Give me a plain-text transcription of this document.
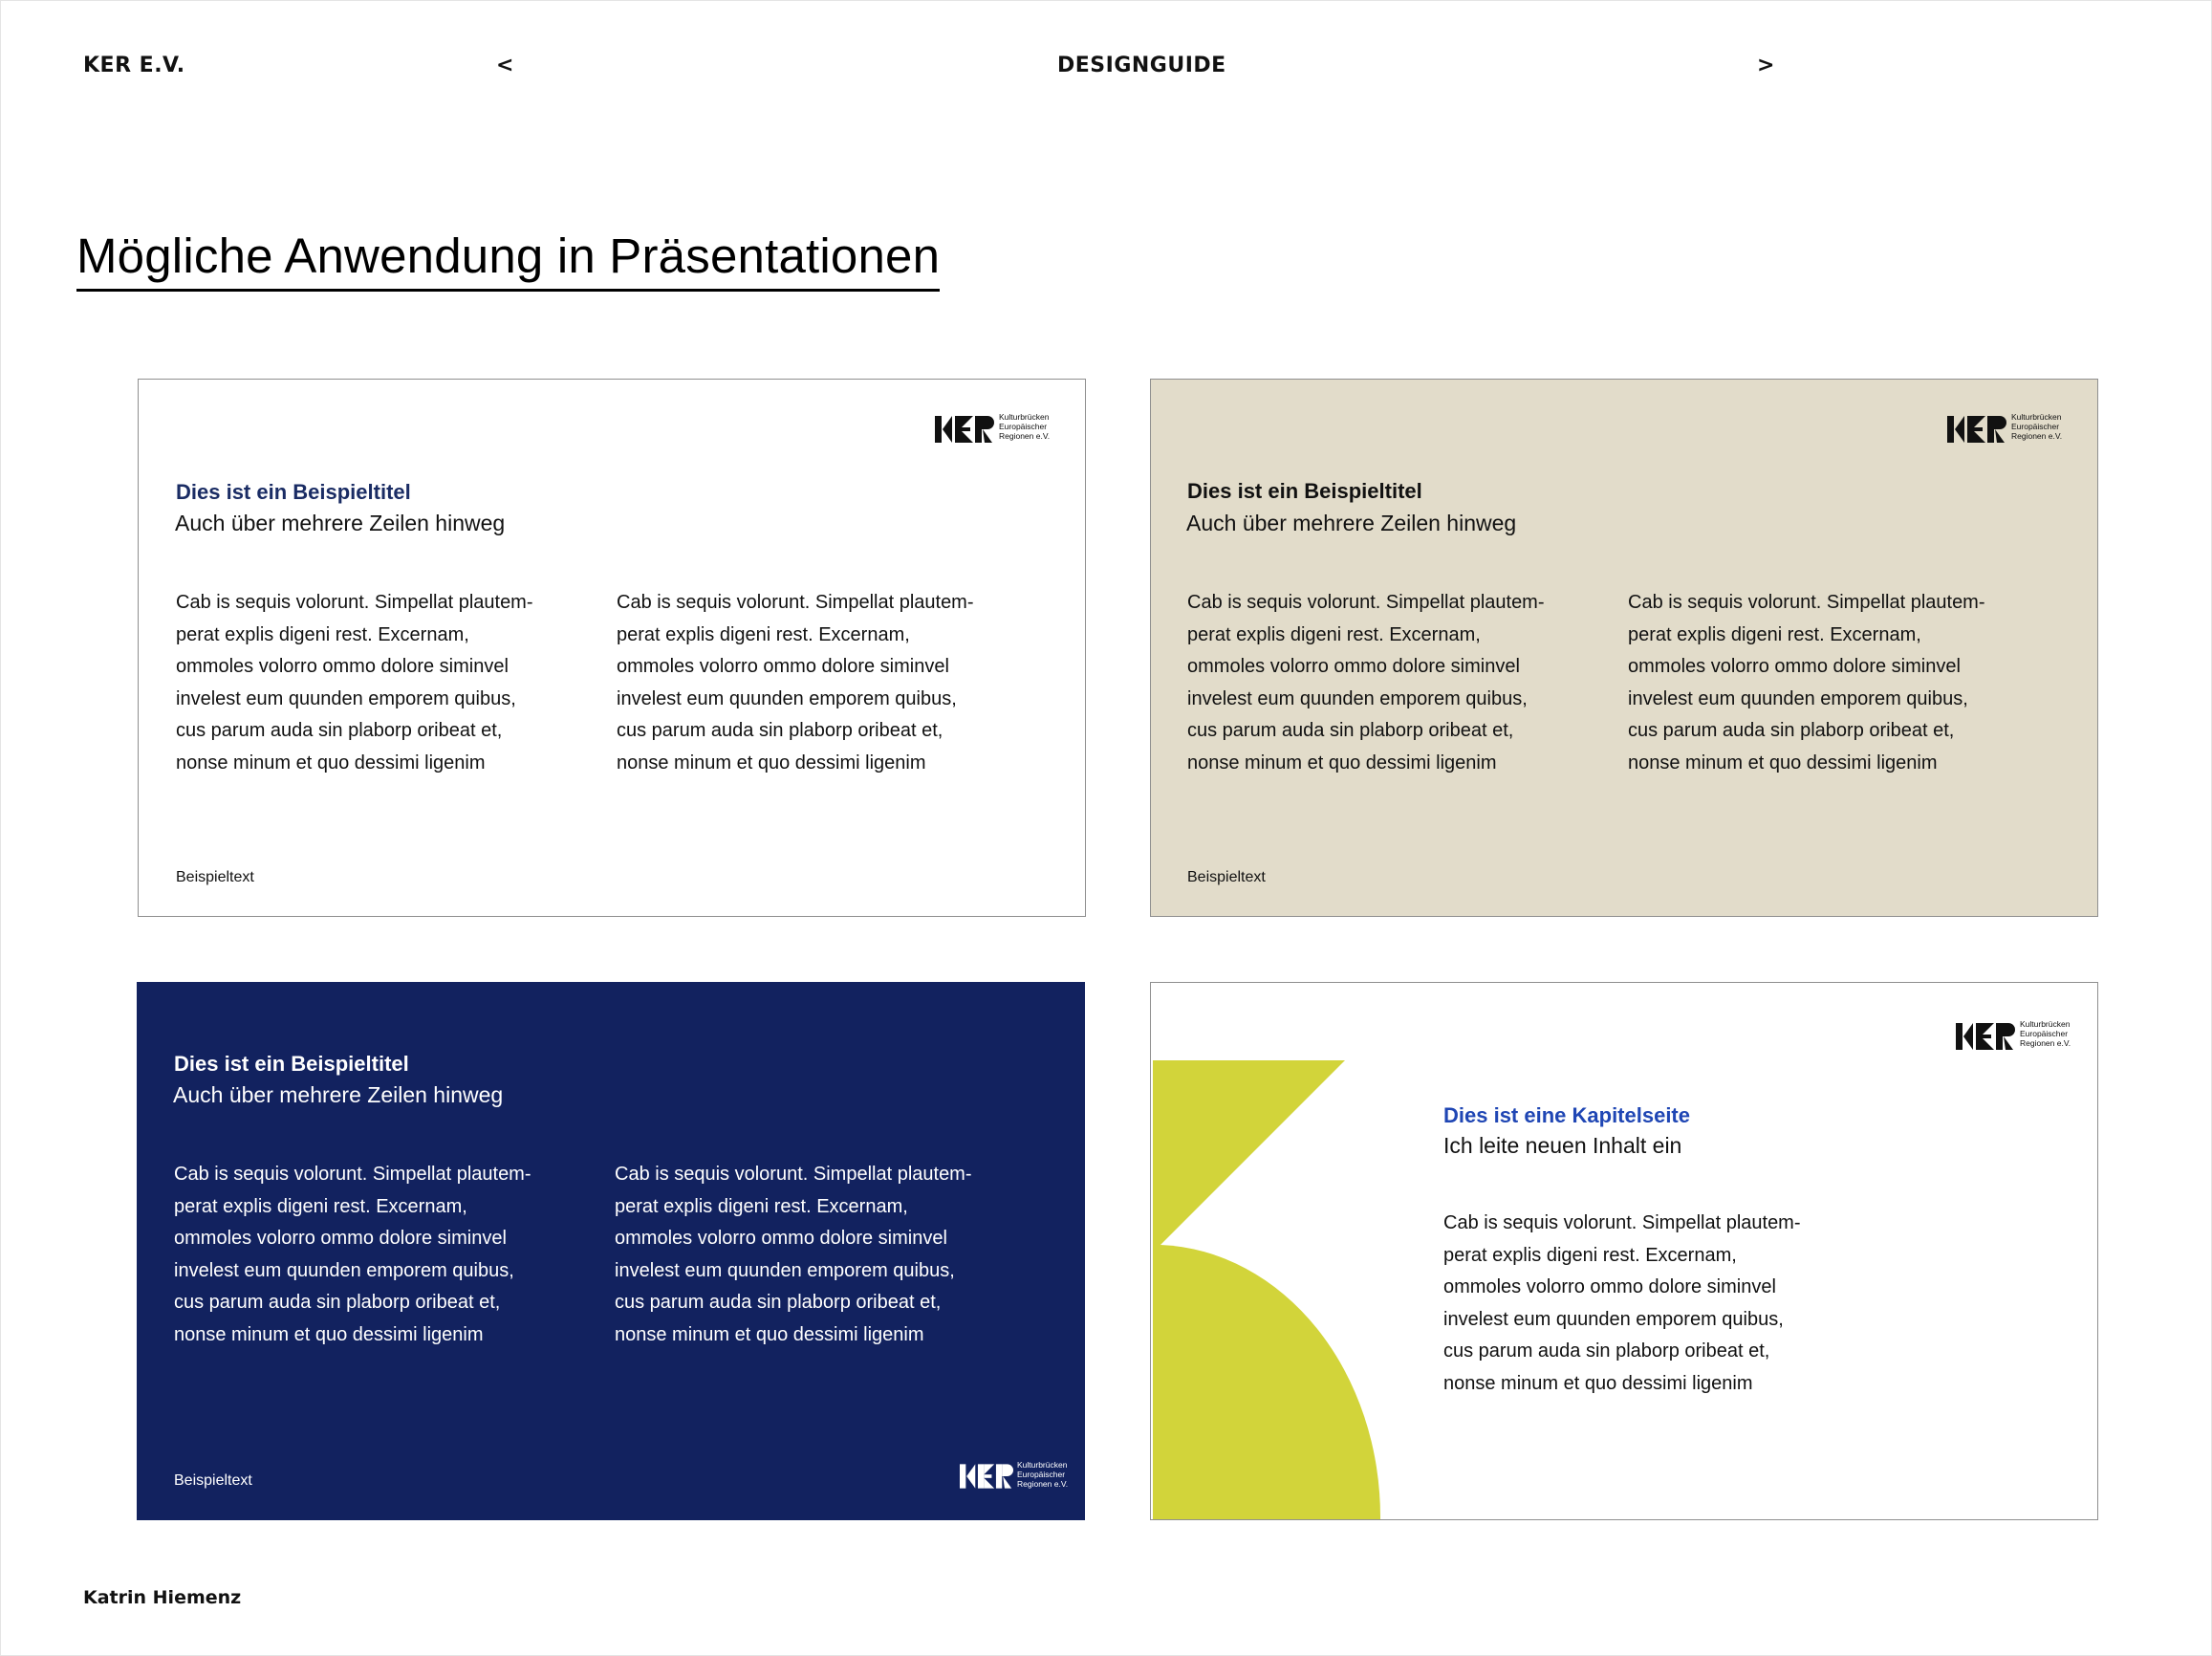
KER E.V.	<	DESIGNGUIDE	>
Mögliche Anwendung in Präsentationen
Kulturbrücken
Europäischer
Regionen e.V.
Dies ist ein Beispieltitel
Auch über mehrere Zeilen hinweg
Cab is sequis volorunt. Simpellat plautem-
perat explis digeni rest. Excernam,
ommoles volorro ommo dolore siminvel
invelest eum quunden emporem quibus,
cus parum auda sin plaborp oribeat et,
nonse minum et quo dessimi ligenim
Cab is sequis volorunt. Simpellat plautem-
perat explis digeni rest. Excernam,
ommoles volorro ommo dolore siminvel
invelest eum quunden emporem quibus,
cus parum auda sin plaborp oribeat et,
nonse minum et quo dessimi ligenim
Beispieltext
Kulturbrücken
Europäischer
Regionen e.V.
Dies ist ein Beispieltitel
Auch über mehrere Zeilen hinweg
Cab is sequis volorunt. Simpellat plautem-
perat explis digeni rest. Excernam,
ommoles volorro ommo dolore siminvel
invelest eum quunden emporem quibus,
cus parum auda sin plaborp oribeat et,
nonse minum et quo dessimi ligenim
Cab is sequis volorunt. Simpellat plautem-
perat explis digeni rest. Excernam,
ommoles volorro ommo dolore siminvel
invelest eum quunden emporem quibus,
cus parum auda sin plaborp oribeat et,
nonse minum et quo dessimi ligenim
Beispieltext
Dies ist ein Beispieltitel
Auch über mehrere Zeilen hinweg
Cab is sequis volorunt. Simpellat plautem-
perat explis digeni rest. Excernam,
ommoles volorro ommo dolore siminvel
invelest eum quunden emporem quibus,
cus parum auda sin plaborp oribeat et,
nonse minum et quo dessimi ligenim
Cab is sequis volorunt. Simpellat plautem-
perat explis digeni rest. Excernam,
ommoles volorro ommo dolore siminvel
invelest eum quunden emporem quibus,
cus parum auda sin plaborp oribeat et,
nonse minum et quo dessimi ligenim
Beispieltext
Kulturbrücken
Europäischer
Regionen e.V.
Kulturbrücken
Europäischer
Regionen e.V.
Dies ist eine Kapitelseite
Ich leite neuen Inhalt ein
Cab is sequis volorunt. Simpellat plautem-
perat explis digeni rest. Excernam,
ommoles volorro ommo dolore siminvel
invelest eum quunden emporem quibus,
cus parum auda sin plaborp oribeat et,
nonse minum et quo dessimi ligenim
Katrin Hiemenz
